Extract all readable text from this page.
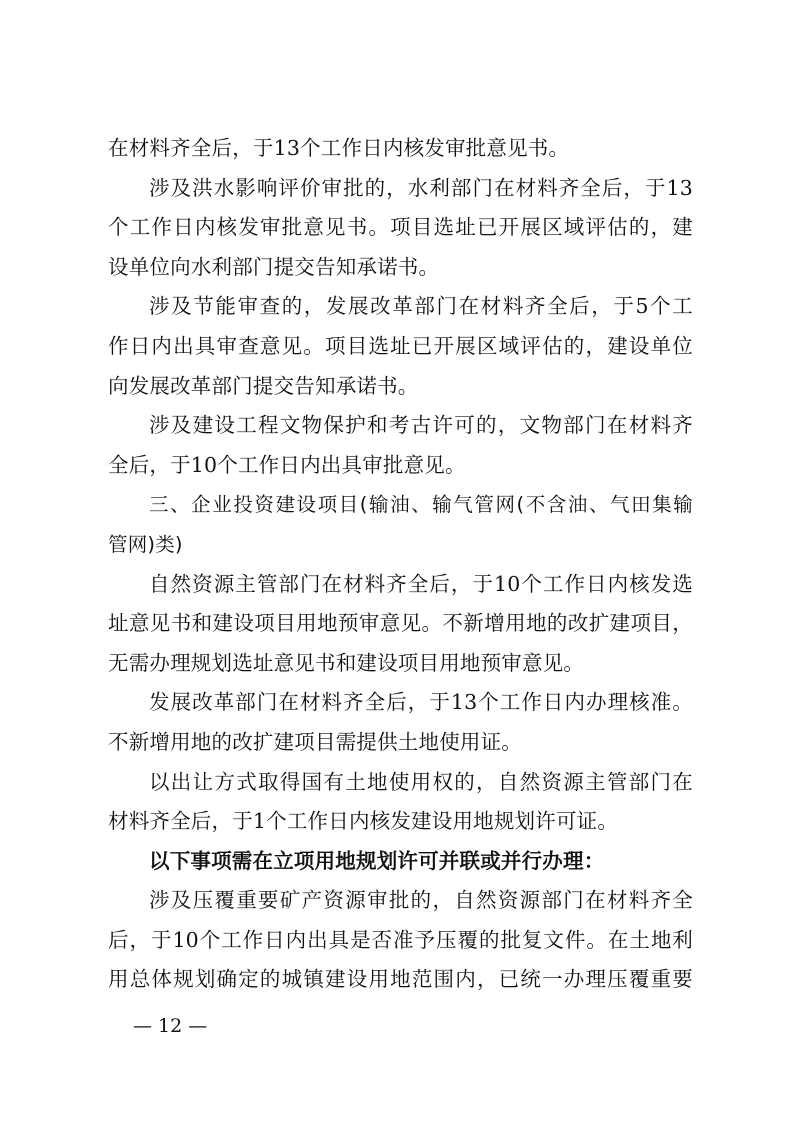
在材料齐全后，于13个工作日内核发审批意见书。
涉及洪水影响评价审批的，水利部门在材料齐全后，于13
个工作日内核发审批意见书。项目选址已开展区域评估的，建
设单位向水利部门提交告知承诺书。
涉及节能审查的，发展改革部门在材料齐全后，于5个工
作日内出具审查意见。项目选址已开展区域评估的，建设单位
向发展改革部门提交告知承诺书。
涉及建设工程文物保护和考古许可的，文物部门在材料齐
全后，于10个工作日内出具审批意见。
三、企业投资建设项目(输油、输气管网(不含油、气田集输
管网)类)
自然资源主管部门在材料齐全后，于10个工作日内核发选
址意见书和建设项目用地预审意见。不新增用地的改扩建项目，
无需办理规划选址意见书和建设项目用地预审意见。
发展改革部门在材料齐全后，于13个工作日内办理核准。
不新增用地的改扩建项目需提供土地使用证。
以出让方式取得国有土地使用权的，自然资源主管部门在
材料齐全后，于1个工作日内核发建设用地规划许可证。
以下事项需在立项用地规划许可并联或并行办理：
涉及压覆重要矿产资源审批的，自然资源部门在材料齐全
后，于10个工作日内出具是否准予压覆的批复文件。在土地利
用总体规划确定的城镇建设用地范围内，已统一办理压覆重要
— 12 —
